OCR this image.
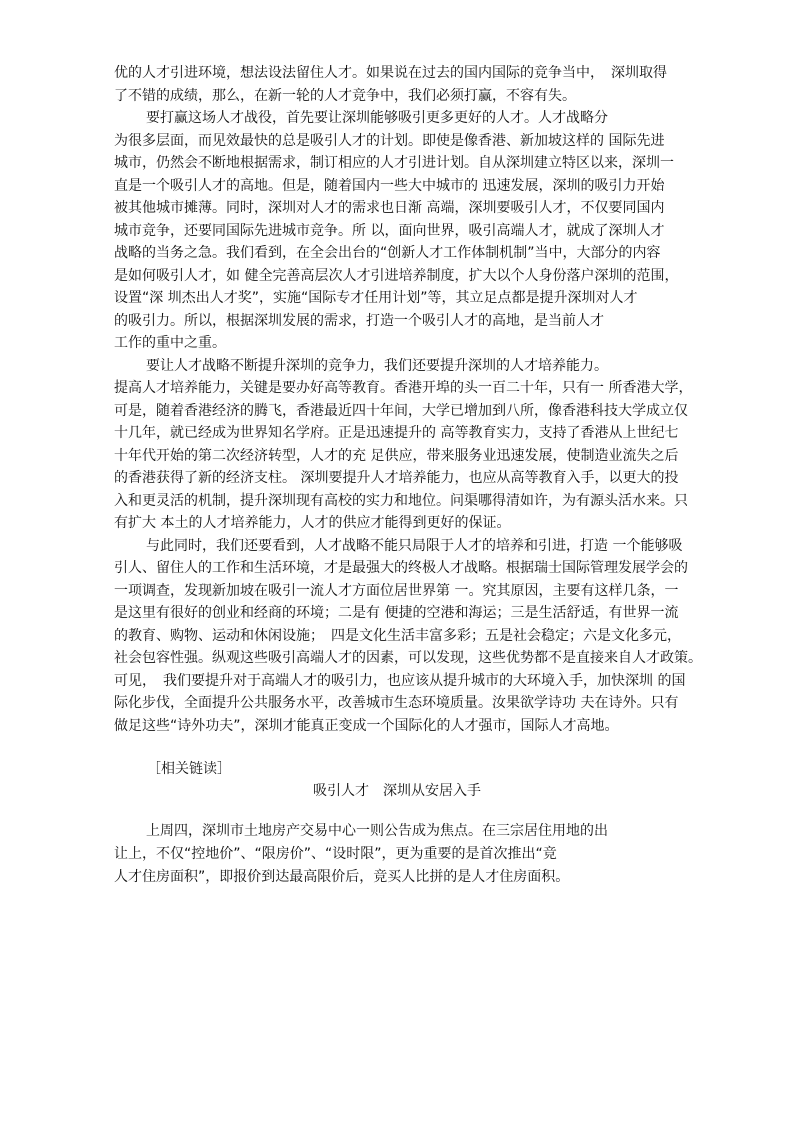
优的人才引进环境，想法设法留住人才。如果说在过去的国内国际的竞争当中，　深圳取得
了不错的成绩，那么，在新一轮的人才竞争中，我们必须打赢，不容有失。
要打赢这场人才战役，首先要让深圳能够吸引更多更好的人才。人才战略分
为很多层面，而见效最快的总是吸引人才的计划。即使是像香港、新加坡这样的 国际先进
城市，仍然会不断地根据需求，制订相应的人才引进计划。自从深圳建立特区以来，深圳一
直是一个吸引人才的高地。但是，随着国内一些大中城市的 迅速发展，深圳的吸引力开始
被其他城市摊薄。同时，深圳对人才的需求也日渐 高端，深圳要吸引人才，不仅要同国内
城市竞争，还要同国际先进城市竞争。所 以，面向世界，吸引高端人才，就成了深圳人才
战略的当务之急。我们看到，在全会出台的“创新人才工作体制机制”当中，大部分的内容
是如何吸引人才，如 健全完善高层次人才引进培养制度，扩大以个人身份落户深圳的范围，
设置“深 圳杰出人才奖”，实施“国际专才任用计划”等，其立足点都是提升深圳对人才
的吸引力。所以，根据深圳发展的需求，打造一个吸引人才的高地，是当前人才
工作的重中之重。
要让人才战略不断提升深圳的竞争力，我们还要提升深圳的人才培养能力。
提高人才培养能力，关键是要办好高等教育。香港开埠的头一百二十年，只有一 所香港大学，
可是，随着香港经济的腾飞，香港最近四十年间，大学已增加到八所，像香港科技大学成立仅
十几年，就已经成为世界知名学府。正是迅速提升的 高等教育实力，支持了香港从上世纪七
十年代开始的第二次经济转型，人才的充 足供应，带来服务业迅速发展，使制造业流失之后
的香港获得了新的经济支柱。 深圳要提升人才培养能力，也应从高等教育入手，以更大的投
入和更灵活的机制，提升深圳现有高校的实力和地位。问渠哪得清如许，为有源头活水来。只
有扩大 本土的人才培养能力，人才的供应才能得到更好的保证。
与此同时，我们还要看到，人才战略不能只局限于人才的培养和引进，打造 一个能够吸
引人、留住人的工作和生活环境，才是最强大的终极人才战略。根据瑞士国际管理发展学会的
一项调查，发现新加坡在吸引一流人才方面位居世界第 一。究其原因，主要有这样几条，一
是这里有很好的创业和经商的环境；二是有 便捷的空港和海运；三是生活舒适，有世界一流
的教育、购物、运动和休闲设施；　四是文化生活丰富多彩；五是社会稳定；六是文化多元，
社会包容性强。纵观这些吸引高端人才的因素，可以发现，这些优势都不是直接来自人才政策。
可见，　我们要提升对于高端人才的吸引力，也应该从提升城市的大环境入手，加快深圳 的国
际化步伐，全面提升公共服务水平，改善城市生态环境质量。汝果欲学诗功 夫在诗外。只有
做足这些“诗外功夫”，深圳才能真正变成一个国际化的人才强市，国际人才高地。
［相关链读］
吸引人才　深圳从安居入手
上周四，深圳市土地房产交易中心一则公告成为焦点。在三宗居住用地的出
让上，不仅“控地价”、“限房价”、“设时限”，更为重要的是首次推出“竞
人才住房面积”，即报价到达最高限价后，竞买人比拼的是人才住房面积。
